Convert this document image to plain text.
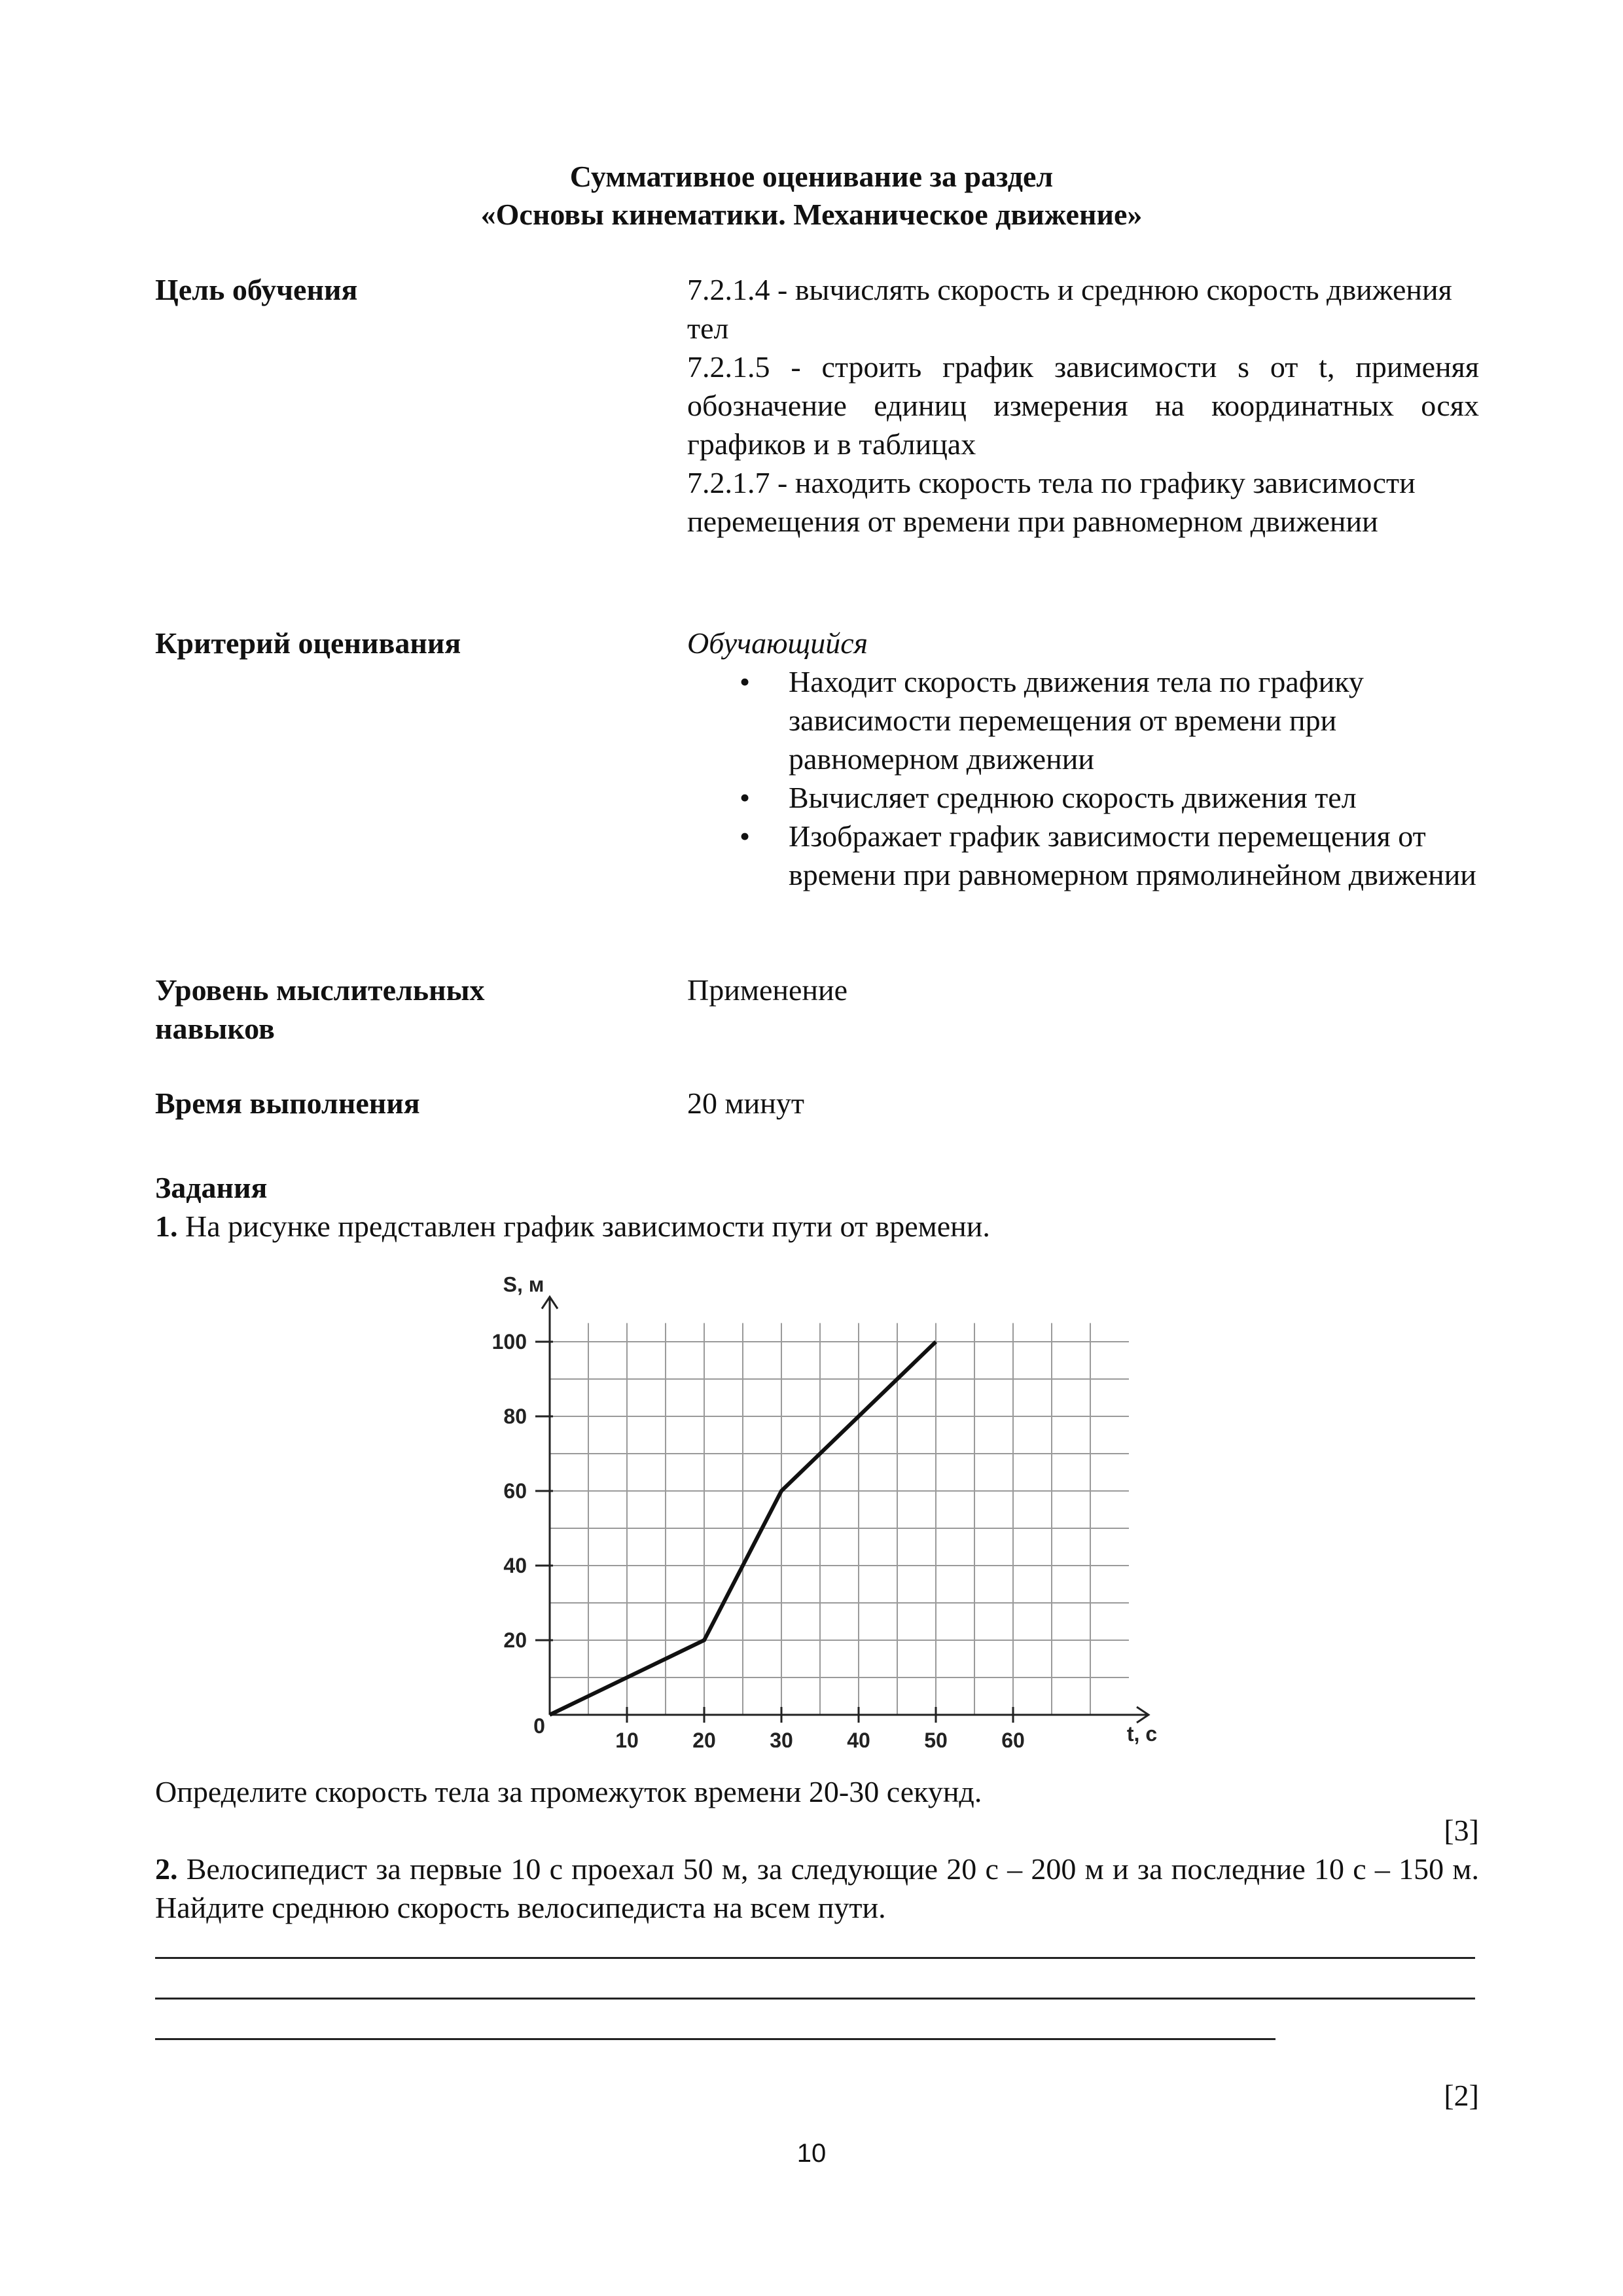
Суммативное оценивание за раздел
«Основы кинематики. Механическое движение»
Цель обучения	7.2.1.4 - вычислять скорость и среднюю скорость движения тел
7.2.1.5 - строить график зависимости s от t, применяя обозначение единиц измерения на координатных осях графиков и в таблицах
7.2.1.7 - находить скорость тела по графику зависимости перемещения от времени при равномерном движении
Критерий оценивания	Обучающийся
• Находит скорость движения тела по графику зависимости перемещения от времени при равномерном движении
• Вычисляет среднюю скорость движения тел
• Изображает график зависимости перемещения от времени при равномерном прямолинейном движении
Уровень мыслительных навыков
Применение
Время выполнения	20 минут
Задания
1. На рисунке представлен график зависимости пути от времени.
10	20	30	40	50	60
20
40
60
80
100
0	t, c
S, м
Определите скорость тела за промежуток времени 20-30 секунд.
[3]
2. Велосипедист за первые 10 с проехал 50 м, за следующие 20 с – 200 м и за последние 10 с – 150 м. Найдите среднюю скорость велосипедиста на всем пути.
[2]
10
